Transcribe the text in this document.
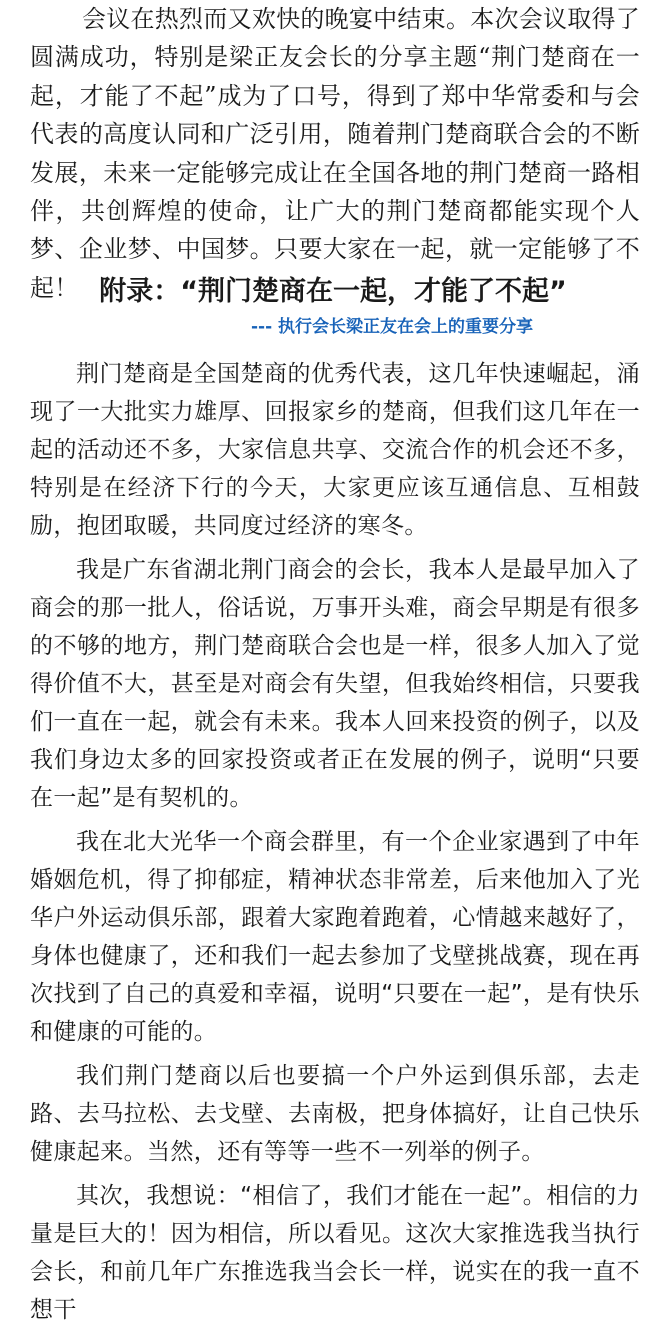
会议在热烈而又欢快的晚宴中结束。本次会议取得了圆满成功，特别是梁正友会长的分享主题“荆门楚商在一起，才能了不起”成为了口号，得到了郑中华常委和与会代表的高度认同和广泛引用，随着荆门楚商联合会的不断发展，未来一定能够完成让在全国各地的荆门楚商一路相伴，共创辉煌的使命，让广大的荆门楚商都能实现个人梦、企业梦、中国梦。只要大家在一起，就一定能够了不起！ 附录：“荆门楚商在一起，才能了不起”
--- 执行会长梁正友在会上的重要分享

荆门楚商是全国楚商的优秀代表，这几年快速崛起，涌现了一大批实力雄厚、回报家乡的楚商，但我们这几年在一起的活动还不多，大家信息共享、交流合作的机会还不多，特别是在经济下行的今天，大家更应该互通信息、互相鼓励，抱团取暖，共同度过经济的寒冬。

我是广东省湖北荆门商会的会长，我本人是最早加入了商会的那一批人，俗话说，万事开头难，商会早期是有很多的不够的地方，荆门楚商联合会也是一样，很多人加入了觉得价值不大，甚至是对商会有失望，但我始终相信，只要我们一直在一起，就会有未来。我本人回来投资的例子，以及我们身边太多的回家投资或者正在发展的例子，说明“只要在一起”是有契机的。

我在北大光华一个商会群里，有一个企业家遇到了中年婚姻危机，得了抑郁症，精神状态非常差，后来他加入了光华户外运动俱乐部，跟着大家跑着跑着，心情越来越好了，身体也健康了，还和我们一起去参加了戈壁挑战赛，现在再次找到了自己的真爱和幸福，说明“只要在一起”，是有快乐和健康的可能的。

我们荆门楚商以后也要搞一个户外运到俱乐部，去走路、去马拉松、去戈壁、去南极，把身体搞好，让自己快乐健康起来。当然，还有等等一些不一列举的例子。

其次，我想说：“相信了，我们才能在一起”。相信的力量是巨大的！因为相信，所以看见。这次大家推选我当执行会长，和前几年广东推选我当会长一样，说实在的我一直不想干
